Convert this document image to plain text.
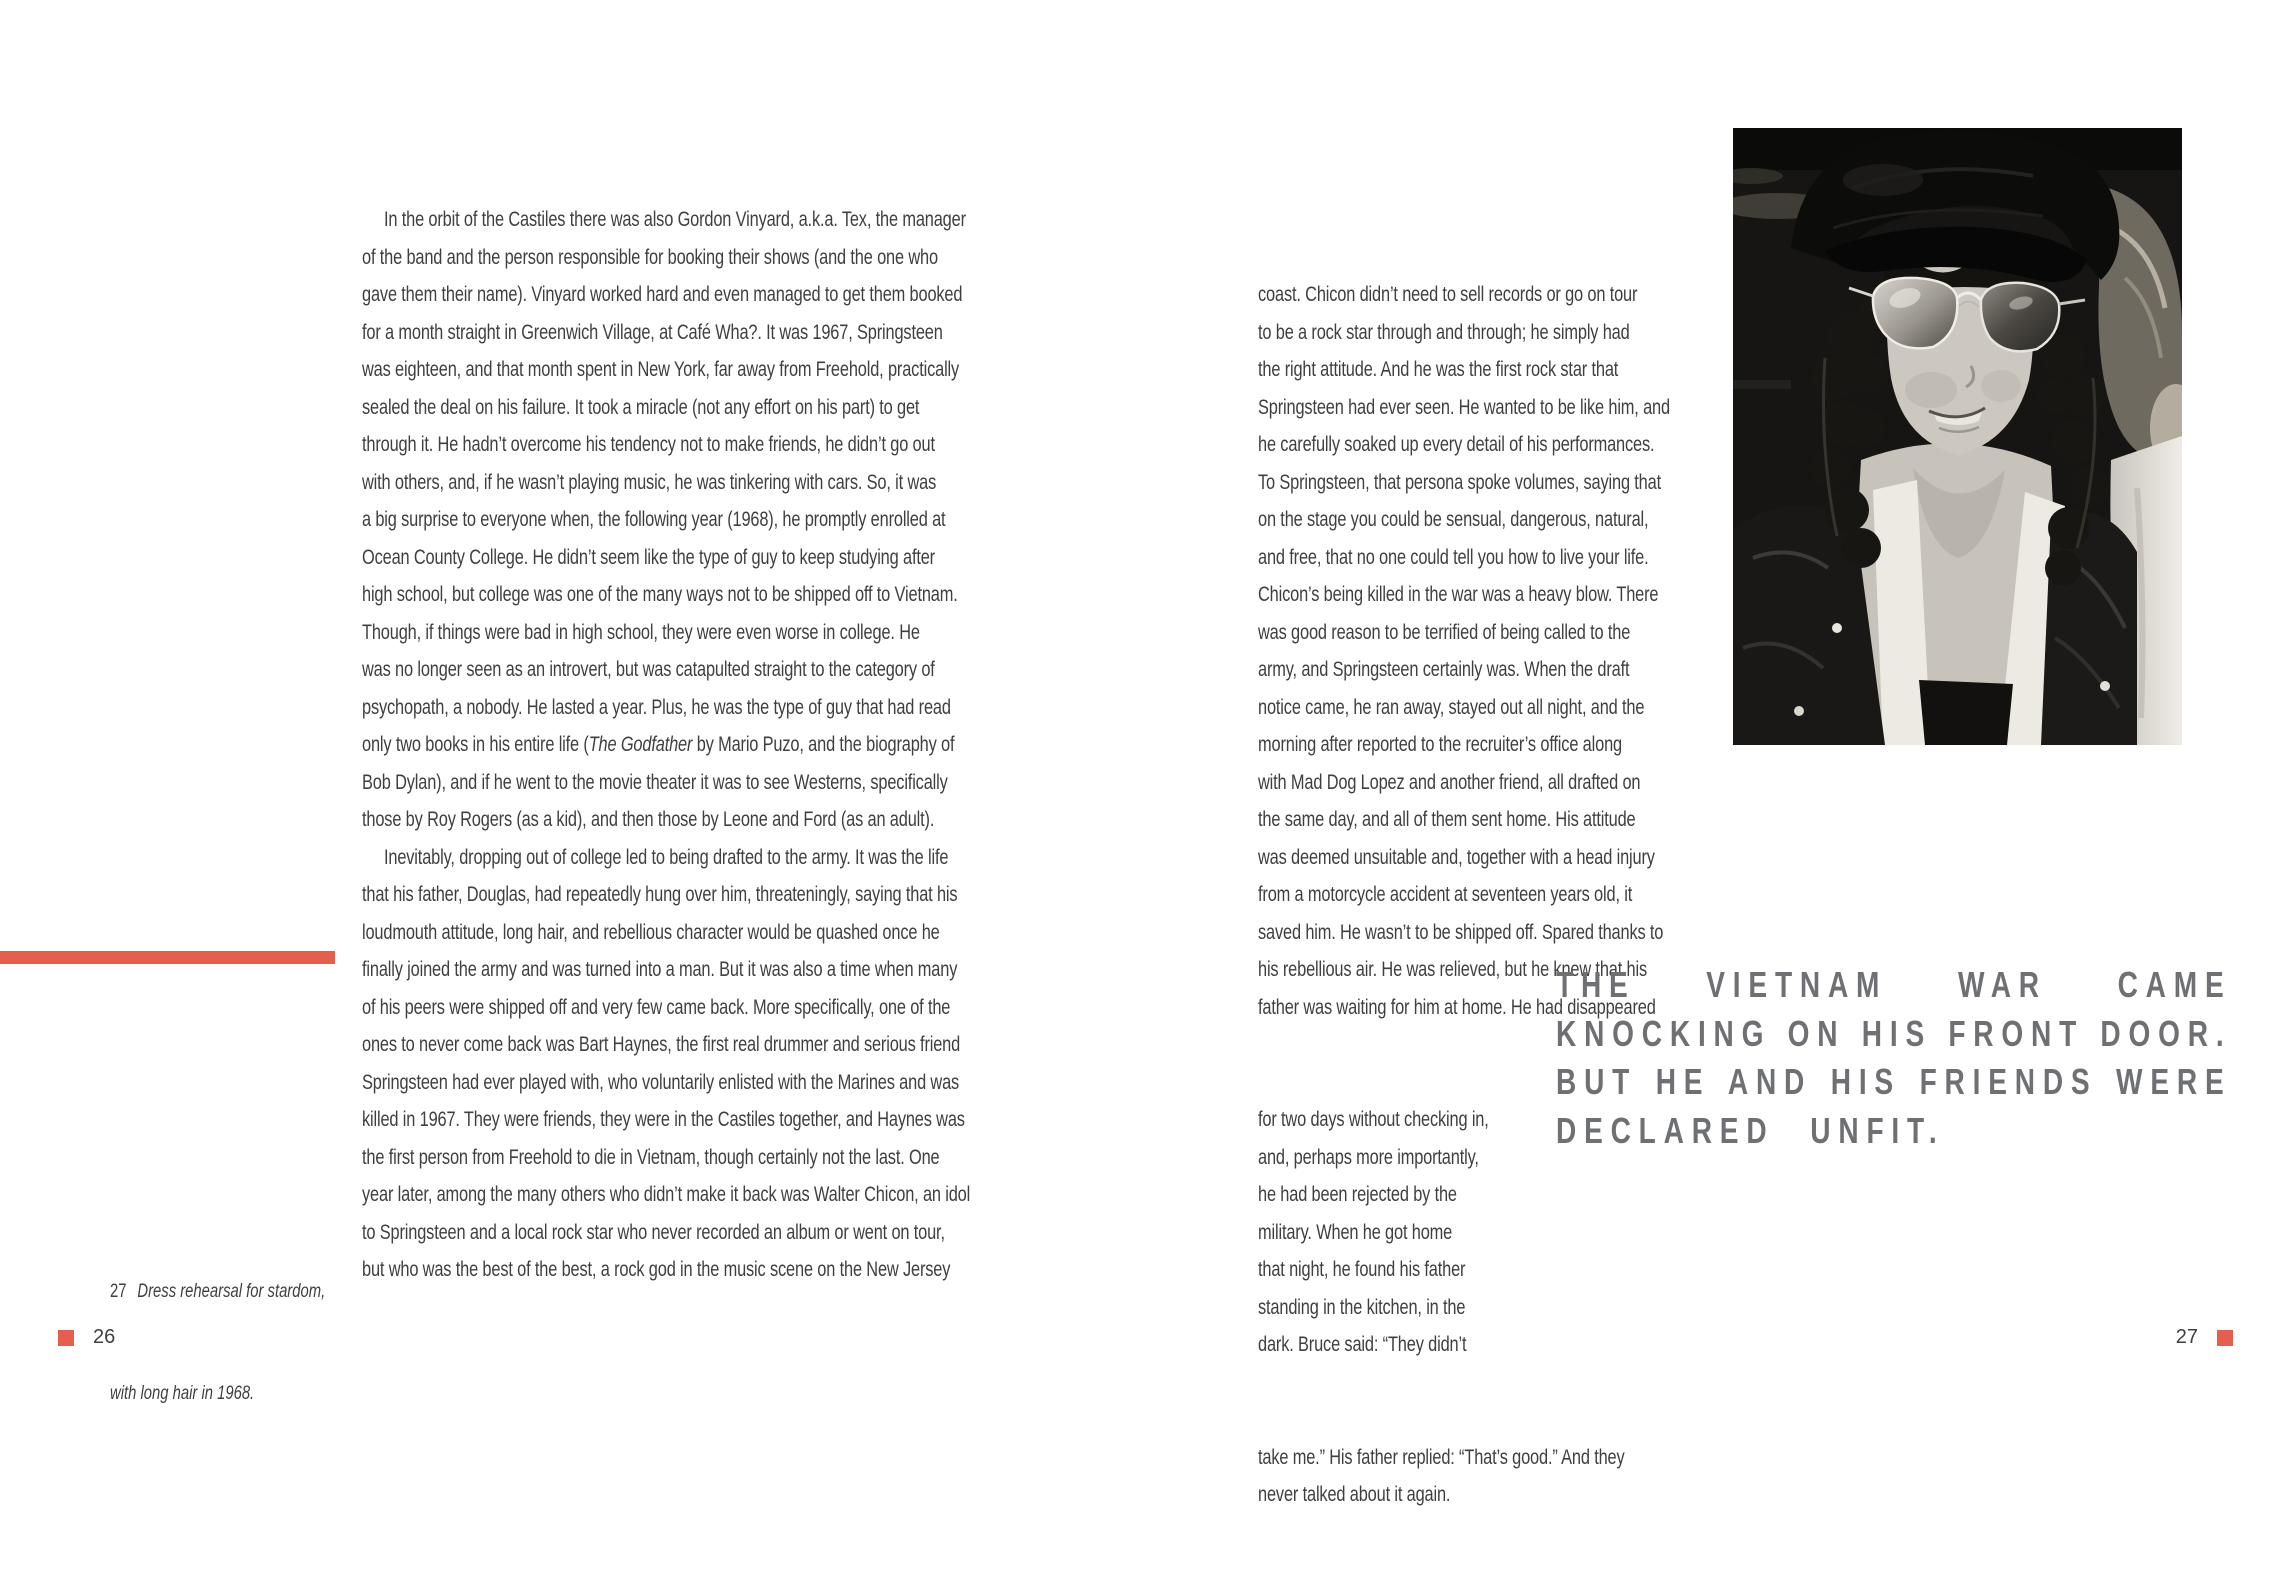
In the orbit of the Castiles there was also Gordon Vinyard, a.k.a. Tex, the manager
of the band and the person responsible for booking their shows (and the one who
gave them their name). Vinyard worked hard and even managed to get them booked
for a month straight in Greenwich Village, at Café Wha?. It was 1967, Springsteen
was eighteen, and that month spent in New York, far away from Freehold, practically
sealed the deal on his failure. It took a miracle (not any effort on his part) to get
through it. He hadn’t overcome his tendency not to make friends, he didn’t go out
with others, and, if he wasn’t playing music, he was tinkering with cars. So, it was
a big surprise to everyone when, the following year (1968), he promptly enrolled at
Ocean County College. He didn’t seem like the type of guy to keep studying after
high school, but college was one of the many ways not to be shipped off to Vietnam.
Though, if things were bad in high school, they were even worse in college. He
was no longer seen as an introvert, but was catapulted straight to the category of
psychopath, a nobody. He lasted a year. Plus, he was the type of guy that had read
only two books in his entire life (The Godfather by Mario Puzo, and the biography of
Bob Dylan), and if he went to the movie theater it was to see Westerns, specifically
those by Roy Rogers (as a kid), and then those by Leone and Ford (as an adult).
Inevitably, dropping out of college led to being drafted to the army. It was the life
that his father, Douglas, had repeatedly hung over him, threateningly, saying that his
loudmouth attitude, long hair, and rebellious character would be quashed once he
finally joined the army and was turned into a man. But it was also a time when many
of his peers were shipped off and very few came back. More specifically, one of the
ones to never come back was Bart Haynes, the first real drummer and serious friend
Springsteen had ever played with, who voluntarily enlisted with the Marines and was
killed in 1967. They were friends, they were in the Castiles together, and Haynes was
the first person from Freehold to die in Vietnam, though certainly not the last. One
year later, among the many others who didn’t make it back was Walter Chicon, an idol
to Springsteen and a local rock star who never recorded an album or went on tour,
but who was the best of the best, a rock god in the music scene on the New Jersey

coast. Chicon didn’t need to sell records or go on tour
to be a rock star through and through; he simply had
the right attitude. And he was the first rock star that
Springsteen had ever seen. He wanted to be like him, and
he carefully soaked up every detail of his performances.
To Springsteen, that persona spoke volumes, saying that
on the stage you could be sensual, dangerous, natural,
and free, that no one could tell you how to live your life.
Chicon’s being killed in the war was a heavy blow. There
was good reason to be terrified of being called to the
army, and Springsteen certainly was. When the draft
notice came, he ran away, stayed out all night, and the
morning after reported to the recruiter’s office along
with Mad Dog Lopez and another friend, all drafted on
the same day, and all of them sent home. His attitude
was deemed unsuitable and, together with a head injury
from a motorcycle accident at seventeen years old, it
saved him. He wasn’t to be shipped off. Spared thanks to
his rebellious air. He was relieved, but he knew that his
father was waiting for him at home. He had disappeared

for two days without checking in,
and, perhaps more importantly,
he had been rejected by the
military. When he got home
that night, he found his father
standing in the kitchen, in the
dark. Bruce said: “They didn’t

take me.” His father replied: “That’s good.” And they
never talked about it again.

THE VIETNAM WAR CAME
KNOCKING ON HIS FRONT DOOR.
BUT HE AND HIS FRIENDS WERE
DECLARED UNFIT.

27 Dress rehearsal for stardom,

with long hair in 1968.

26	27
